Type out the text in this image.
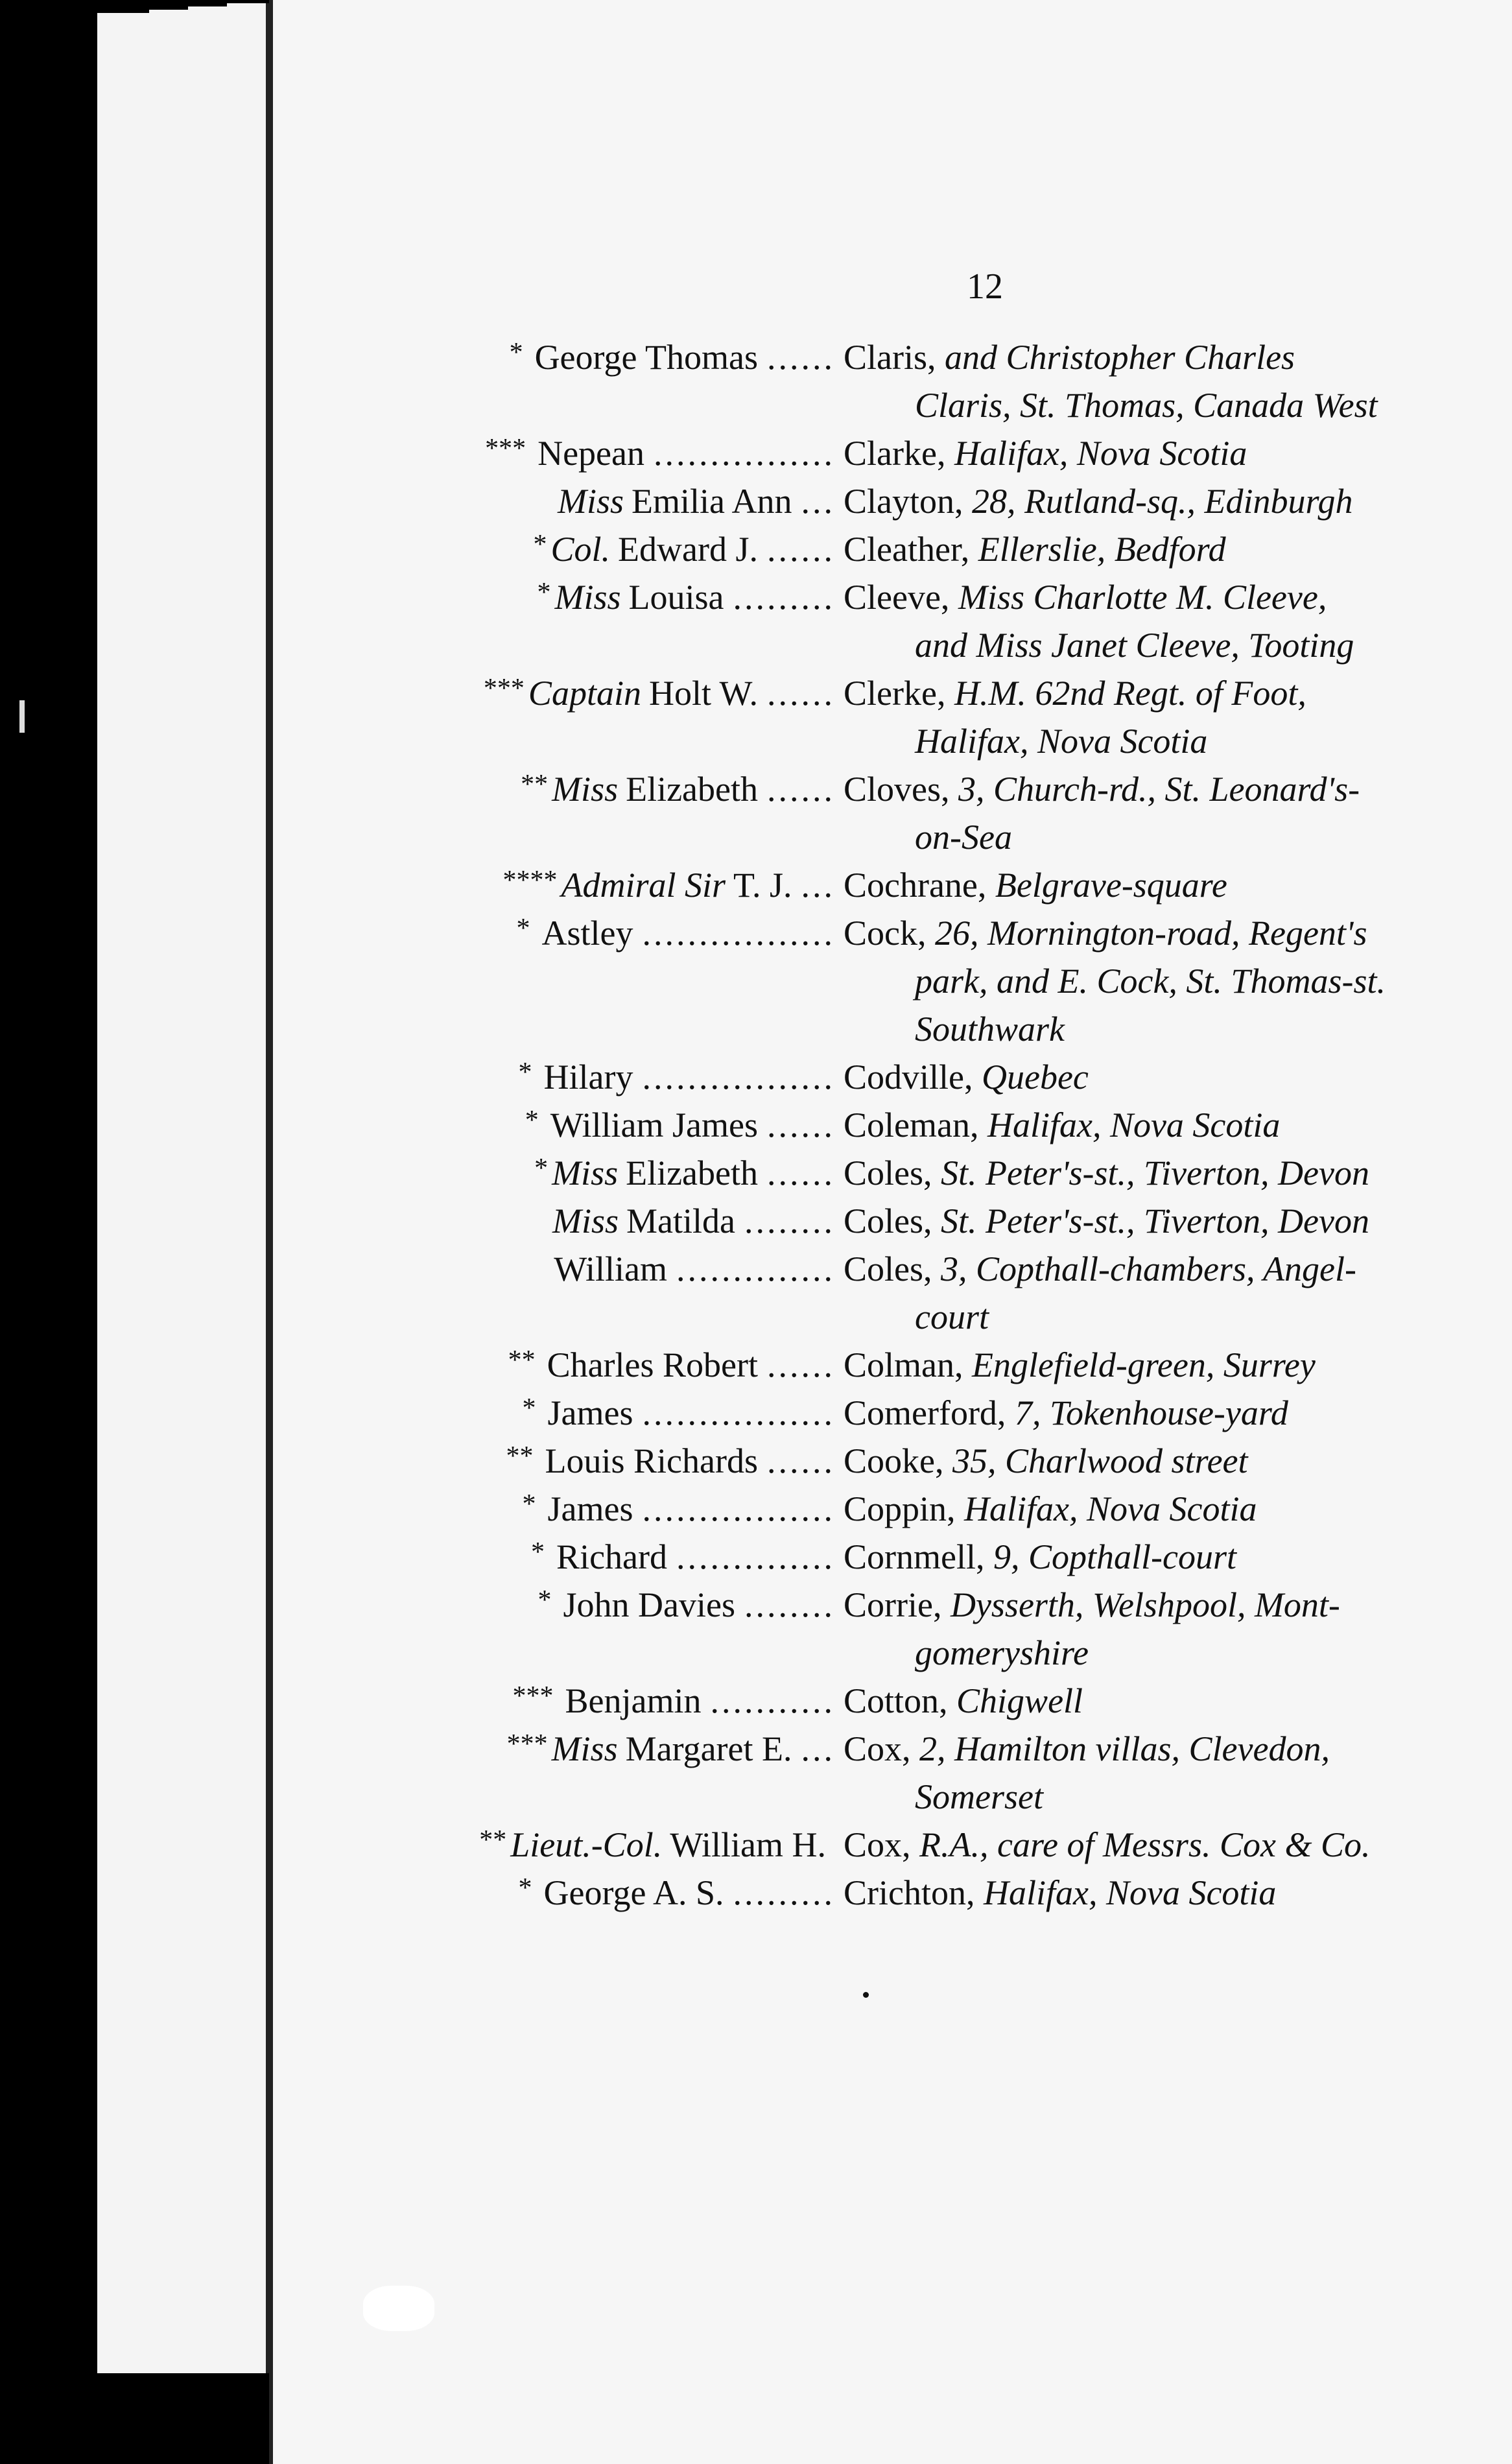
12
* George Thomas ...... Claris, and Christopher Charles
Claris, St. Thomas, Canada West
*** Nepean ................ Clarke, Halifax, Nova Scotia
Miss Emilia Ann ... Clayton, 28, Rutland-sq., Edinburgh
* Col. Edward J. ...... Cleather, Ellerslie, Bedford
* Miss Louisa ......... Cleeve, Miss Charlotte M. Cleeve,
and Miss Janet Cleeve, Tooting
*** Captain Holt W. ...... Clerke, H.M. 62nd Regt. of Foot,
Halifax, Nova Scotia
** Miss Elizabeth ...... Cloves, 3, Church-rd., St. Leonard's-
on-Sea
**** Admiral Sir T. J. ... Cochrane, Belgrave-square
* Astley ................. Cock, 26, Mornington-road, Regent's
park, and E. Cock, St. Thomas-st.
Southwark
* Hilary ................. Codville, Quebec
* William James ...... Coleman, Halifax, Nova Scotia
* Miss Elizabeth ...... Coles, St. Peter's-st., Tiverton, Devon
Miss Matilda ........ Coles, St. Peter's-st., Tiverton, Devon
William .............. Coles, 3, Copthall-chambers, Angel-
court
** Charles Robert ...... Colman, Englefield-green, Surrey
* James ................. Comerford, 7, Tokenhouse-yard
** Louis Richards ...... Cooke, 35, Charlwood street
* James ................. Coppin, Halifax, Nova Scotia
* Richard .............. Cornmell, 9, Copthall-court
* John Davies ........ Corrie, Dysserth, Welshpool, Mont-
gomeryshire
*** Benjamin ........... Cotton, Chigwell
*** Miss Margaret E. ... Cox, 2, Hamilton villas, Clevedon,
Somerset
** Lieut.-Col. William H. Cox, R.A., care of Messrs. Cox & Co.
* George A. S. ......... Crichton, Halifax, Nova Scotia
